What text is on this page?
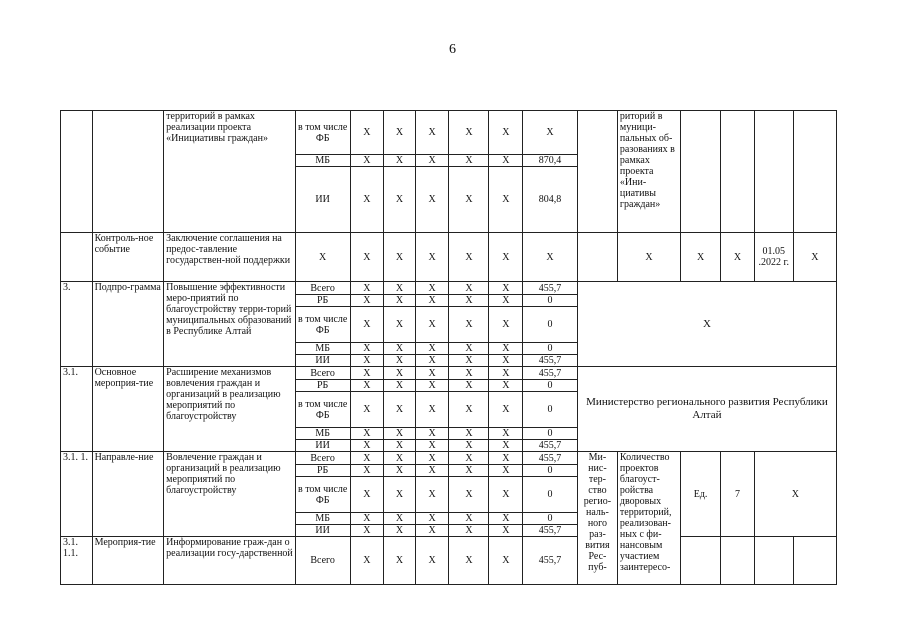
6
		территорий в рамках реализации проекта «Инициативы граждан»	в том числе ФБ	Х	Х	Х	Х	Х	Х		риторий в муници-пальных об-разованиях в рамках проекта «Ини-циативы граждан»				
			МБ	Х	Х	Х	Х	Х	870,4						
			ИИ	Х	Х	Х	Х	Х	804,8						
	Контроль-ное событие	Заключение соглашения на предос-тавление государствен-ной поддержки	Х	Х	Х	Х	Х	Х	Х		Х	Х	Х	01.05 .2022 г.	Х
3.	Подпро-грамма	Повышение эффективности меро-приятий по благоустройству терри-торий муниципальных образований в Республике Алтай	Всего	Х	Х	Х	Х	Х	455,7	Х					
			РБ	Х	Х	Х	Х	Х	0						
			в том числе ФБ	Х	Х	Х	Х	Х	0						
			МБ	Х	Х	Х	Х	Х	0						
			ИИ	Х	Х	Х	Х	Х	455,7						
3.1.	Основное мероприя-тие	Расширение механизмов вовлечения граждан и организаций в реализацию мероприятий по благоустройству	Всего	Х	Х	Х	Х	Х	455,7	Министерство регионального развития Республики Алтай					
			РБ	Х	Х	Х	Х	Х	0						
			в том числе ФБ	Х	Х	Х	Х	Х	0						
			МБ	Х	Х	Х	Х	Х	0						
			ИИ	Х	Х	Х	Х	Х	455,7						
3.1. 1.	Направле-ние	Вовлечение граждан и организаций в реализацию мероприятий по благоустройству	Всего	Х	Х	Х	Х	Х	455,7	Ми-нис-тер-ство регио-наль-ного раз-вития Рес-пуб-	Количество проектов благоуст-ройства дворовых территорий, реализован-ных с фи-нансовым участием заинтересо-	Ед.	7	Х	
			РБ	Х	Х	Х	Х	Х	0						
			в том числе ФБ	Х	Х	Х	Х	Х	0						
			МБ	Х	Х	Х	Х	Х	0						
			ИИ	Х	Х	Х	Х	Х	455,7						
3.1. 1.1.	Мероприя-тие	Информирование граж-дан о реализации госу-дарственной	Всего	Х	Х	Х	Х	Х	455,7						
